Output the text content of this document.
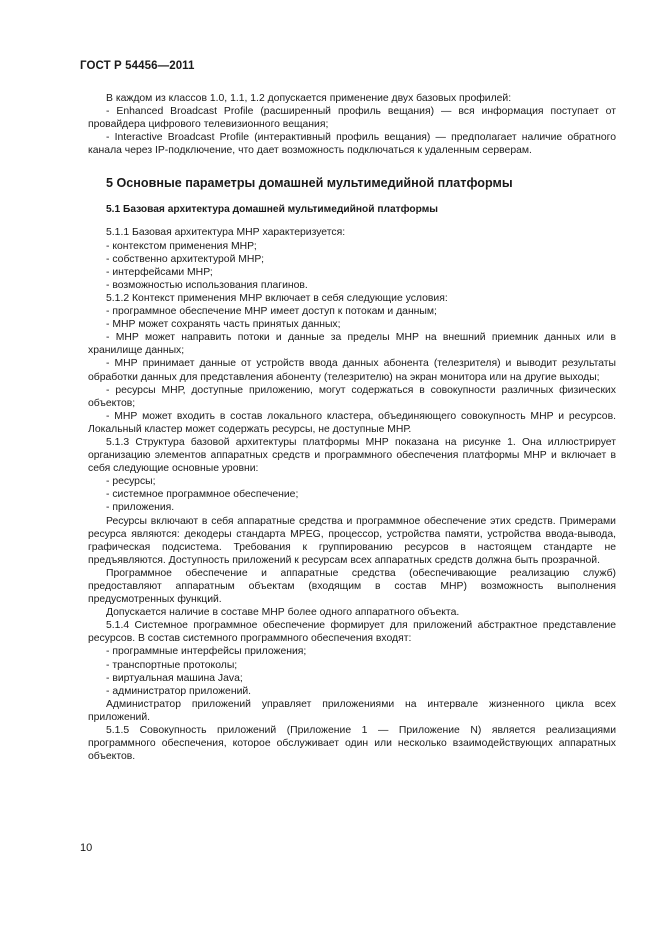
ГОСТ Р 54456—2011

В каждом из классов 1.0, 1.1, 1.2 допускается применение двух базовых профилей:

- Enhanced Broadcast Profile (расширенный профиль вещания) — вся информация поступает от провайдера цифрового телевизионного вещания;

- Interactive Broadcast Profile (интерактивный профиль вещания) — предполагает наличие обратного канала через IP-подключение, что дает возможность подключаться к удаленным серверам.

5 Основные параметры домашней мультимедийной платформы

5.1 Базовая архитектура домашней мультимедийной платформы

5.1.1 Базовая архитектура МНР характеризуется:

- контекстом применения МНР;

- собственно архитектурой МНР;

- интерфейсами МНР;

- возможностью использования плагинов.

5.1.2 Контекст применения МНР включает в себя следующие условия:

- программное обеспечение МНР имеет доступ к потокам и данным;

- МНР может сохранять часть принятых данных;

- МНР может направить потоки и данные за пределы МНР на внешний приемник данных или в хранилище данных;

- МНР принимает данные от устройств ввода данных абонента (телезрителя) и выводит результаты обработки данных для представления абоненту (телезрителю) на экран монитора или на другие выходы;

- ресурсы МНР, доступные приложению, могут содержаться в совокупности различных физических объектов;

- МНР может входить в состав локального кластера, объединяющего совокупность МНР и ресурсов. Локальный кластер может содержать ресурсы, не доступные МНР.

5.1.3 Структура базовой архитектуры платформы МНР показана на рисунке 1. Она иллюстрирует организацию элементов аппаратных средств и программного обеспечения платформы МНР и включает в себя следующие основные уровни:

- ресурсы;

- системное программное обеспечение;

- приложения.

Ресурсы включают в себя аппаратные средства и программное обеспечение этих средств. Примерами ресурса являются: декодеры стандарта MPEG, процессор, устройства памяти, устройства ввода-вывода, графическая подсистема. Требования к группированию ресурсов в настоящем стандарте не предъявляются. Доступность приложений к ресурсам всех аппаратных средств должна быть прозрачной.

Программное обеспечение и аппаратные средства (обеспечивающие реализацию служб) предоставляют аппаратным объектам (входящим в состав МНР) возможность выполнения предусмотренных функций.

Допускается наличие в составе МНР более одного аппаратного объекта.

5.1.4 Системное программное обеспечение формирует для приложений абстрактное представление ресурсов. В состав системного программного обеспечения входят:

- программные интерфейсы приложения;

- транспортные протоколы;

- виртуальная машина Java;

- администратор приложений.

Администратор приложений управляет приложениями на интервале жизненного цикла всех приложений.

5.1.5 Совокупность приложений (Приложение 1 — Приложение N) является реализациями программного обеспечения, которое обслуживает один или несколько взаимодействующих аппаратных объектов.

10
